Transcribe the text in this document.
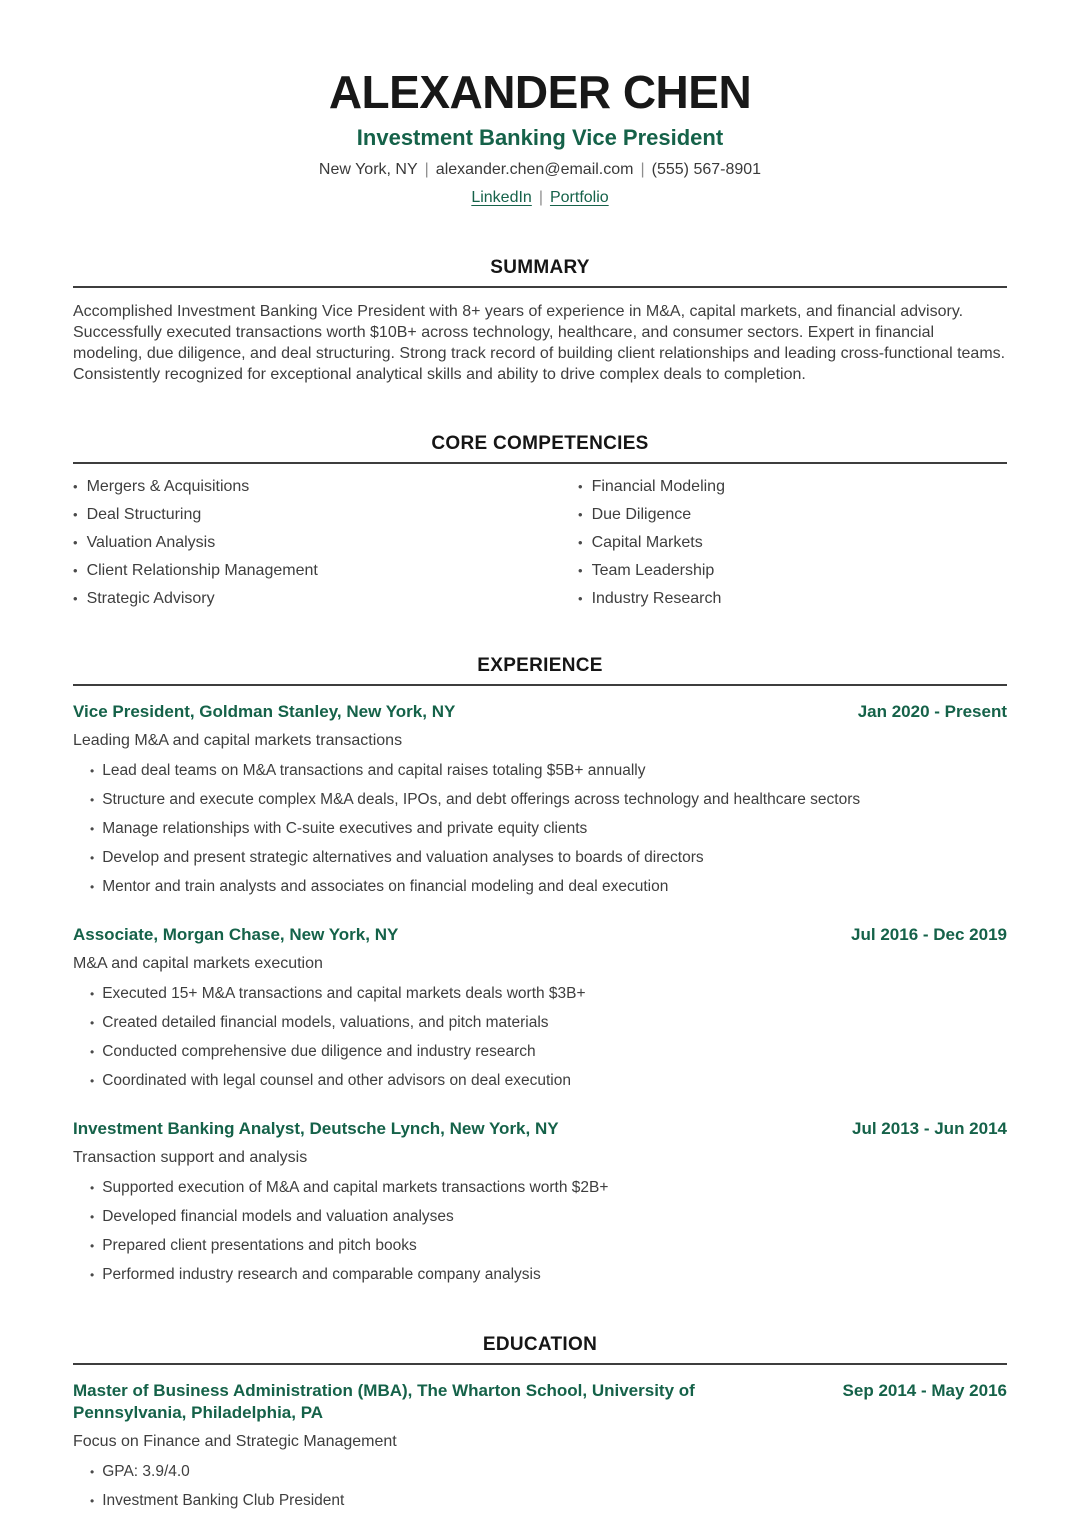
ALEXANDER CHEN
Investment Banking Vice President
New York, NY | alexander.chen@email.com | (555) 567-8901
LinkedIn | Portfolio
SUMMARY

Accomplished Investment Banking Vice President with 8+ years of experience in M&A, capital markets, and financial advisory. Successfully executed transactions worth $10B+ across technology, healthcare, and consumer sectors. Expert in financial modeling, due diligence, and deal structuring. Strong track record of building client relationships and leading cross-functional teams. Consistently recognized for exceptional analytical skills and ability to drive complex deals to completion.

CORE COMPETENCIES
• Mergers & Acquisitions	• Financial Modeling
• Deal Structuring	• Due Diligence
• Valuation Analysis	• Capital Markets
• Client Relationship Management	• Team Leadership
• Strategic Advisory	• Industry Research
EXPERIENCE
Vice President, Goldman Stanley, New York, NY	Jan 2020 - Present
Leading M&A and capital markets transactions
• Lead deal teams on M&A transactions and capital raises totaling $5B+ annually
• Structure and execute complex M&A deals, IPOs, and debt offerings across technology and healthcare sectors
• Manage relationships with C-suite executives and private equity clients
• Develop and present strategic alternatives and valuation analyses to boards of directors
• Mentor and train analysts and associates on financial modeling and deal execution
Associate, Morgan Chase, New York, NY	Jul 2016 - Dec 2019
M&A and capital markets execution
• Executed 15+ M&A transactions and capital markets deals worth $3B+
• Created detailed financial models, valuations, and pitch materials
• Conducted comprehensive due diligence and industry research
• Coordinated with legal counsel and other advisors on deal execution
Investment Banking Analyst, Deutsche Lynch, New York, NY	Jul 2013 - Jun 2014
Transaction support and analysis
• Supported execution of M&A and capital markets transactions worth $2B+
• Developed financial models and valuation analyses
• Prepared client presentations and pitch books
• Performed industry research and comparable company analysis
EDUCATION
Master of Business Administration (MBA), The Wharton School, University of Pennsylvania, Philadelphia, PA
Sep 2014 - May 2016
Focus on Finance and Strategic Management
• GPA: 3.9/4.0
• Investment Banking Club President
